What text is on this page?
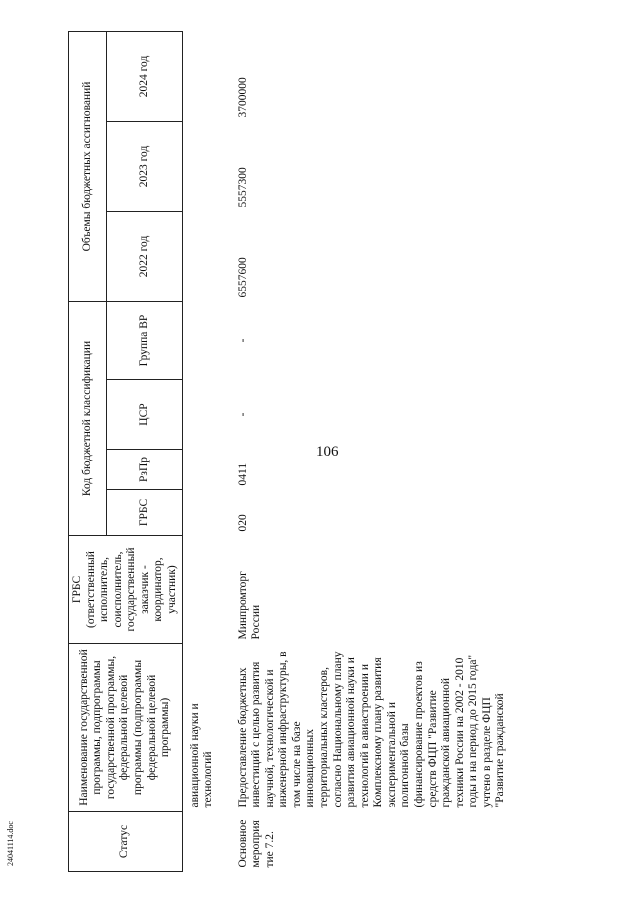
106
Статус	Наименование государственной программы, подпрограммы государственной программы, федеральной целевой программы (подпрограммы федеральной целевой программы)	ГРБС (ответственный исполнитель, соисполнитель, государственный заказчик - координатор, участник)	Код бюджетной классификации				Объемы бюджетных ассигнований		
			ГРБС	РзПр	ЦСР	Группа ВР	2022 год	2023 год	2024 год
	авиационной науки и технологий								
Основное мероприятие 7.2.	Предоставление бюджетных инвестиций с целью развития научной, технологической и инженерной инфраструктуры, в том числе на базе инновационных территориальных кластеров, согласно Национальному плану развития авиационной науки и технологий в авиастроении и Комплексному плану развития экспериментальной и полигонной базы (финансирование проектов из средств ФЦП "Развитие гражданской авиационной техники России на 2002 - 2010 годы и на период до 2015 года" учтено в разделе ФЦП "Развитие гражданской	Минпромторг России	020	0411	-	-	6557600	5557300	3700000
24041114.doc
